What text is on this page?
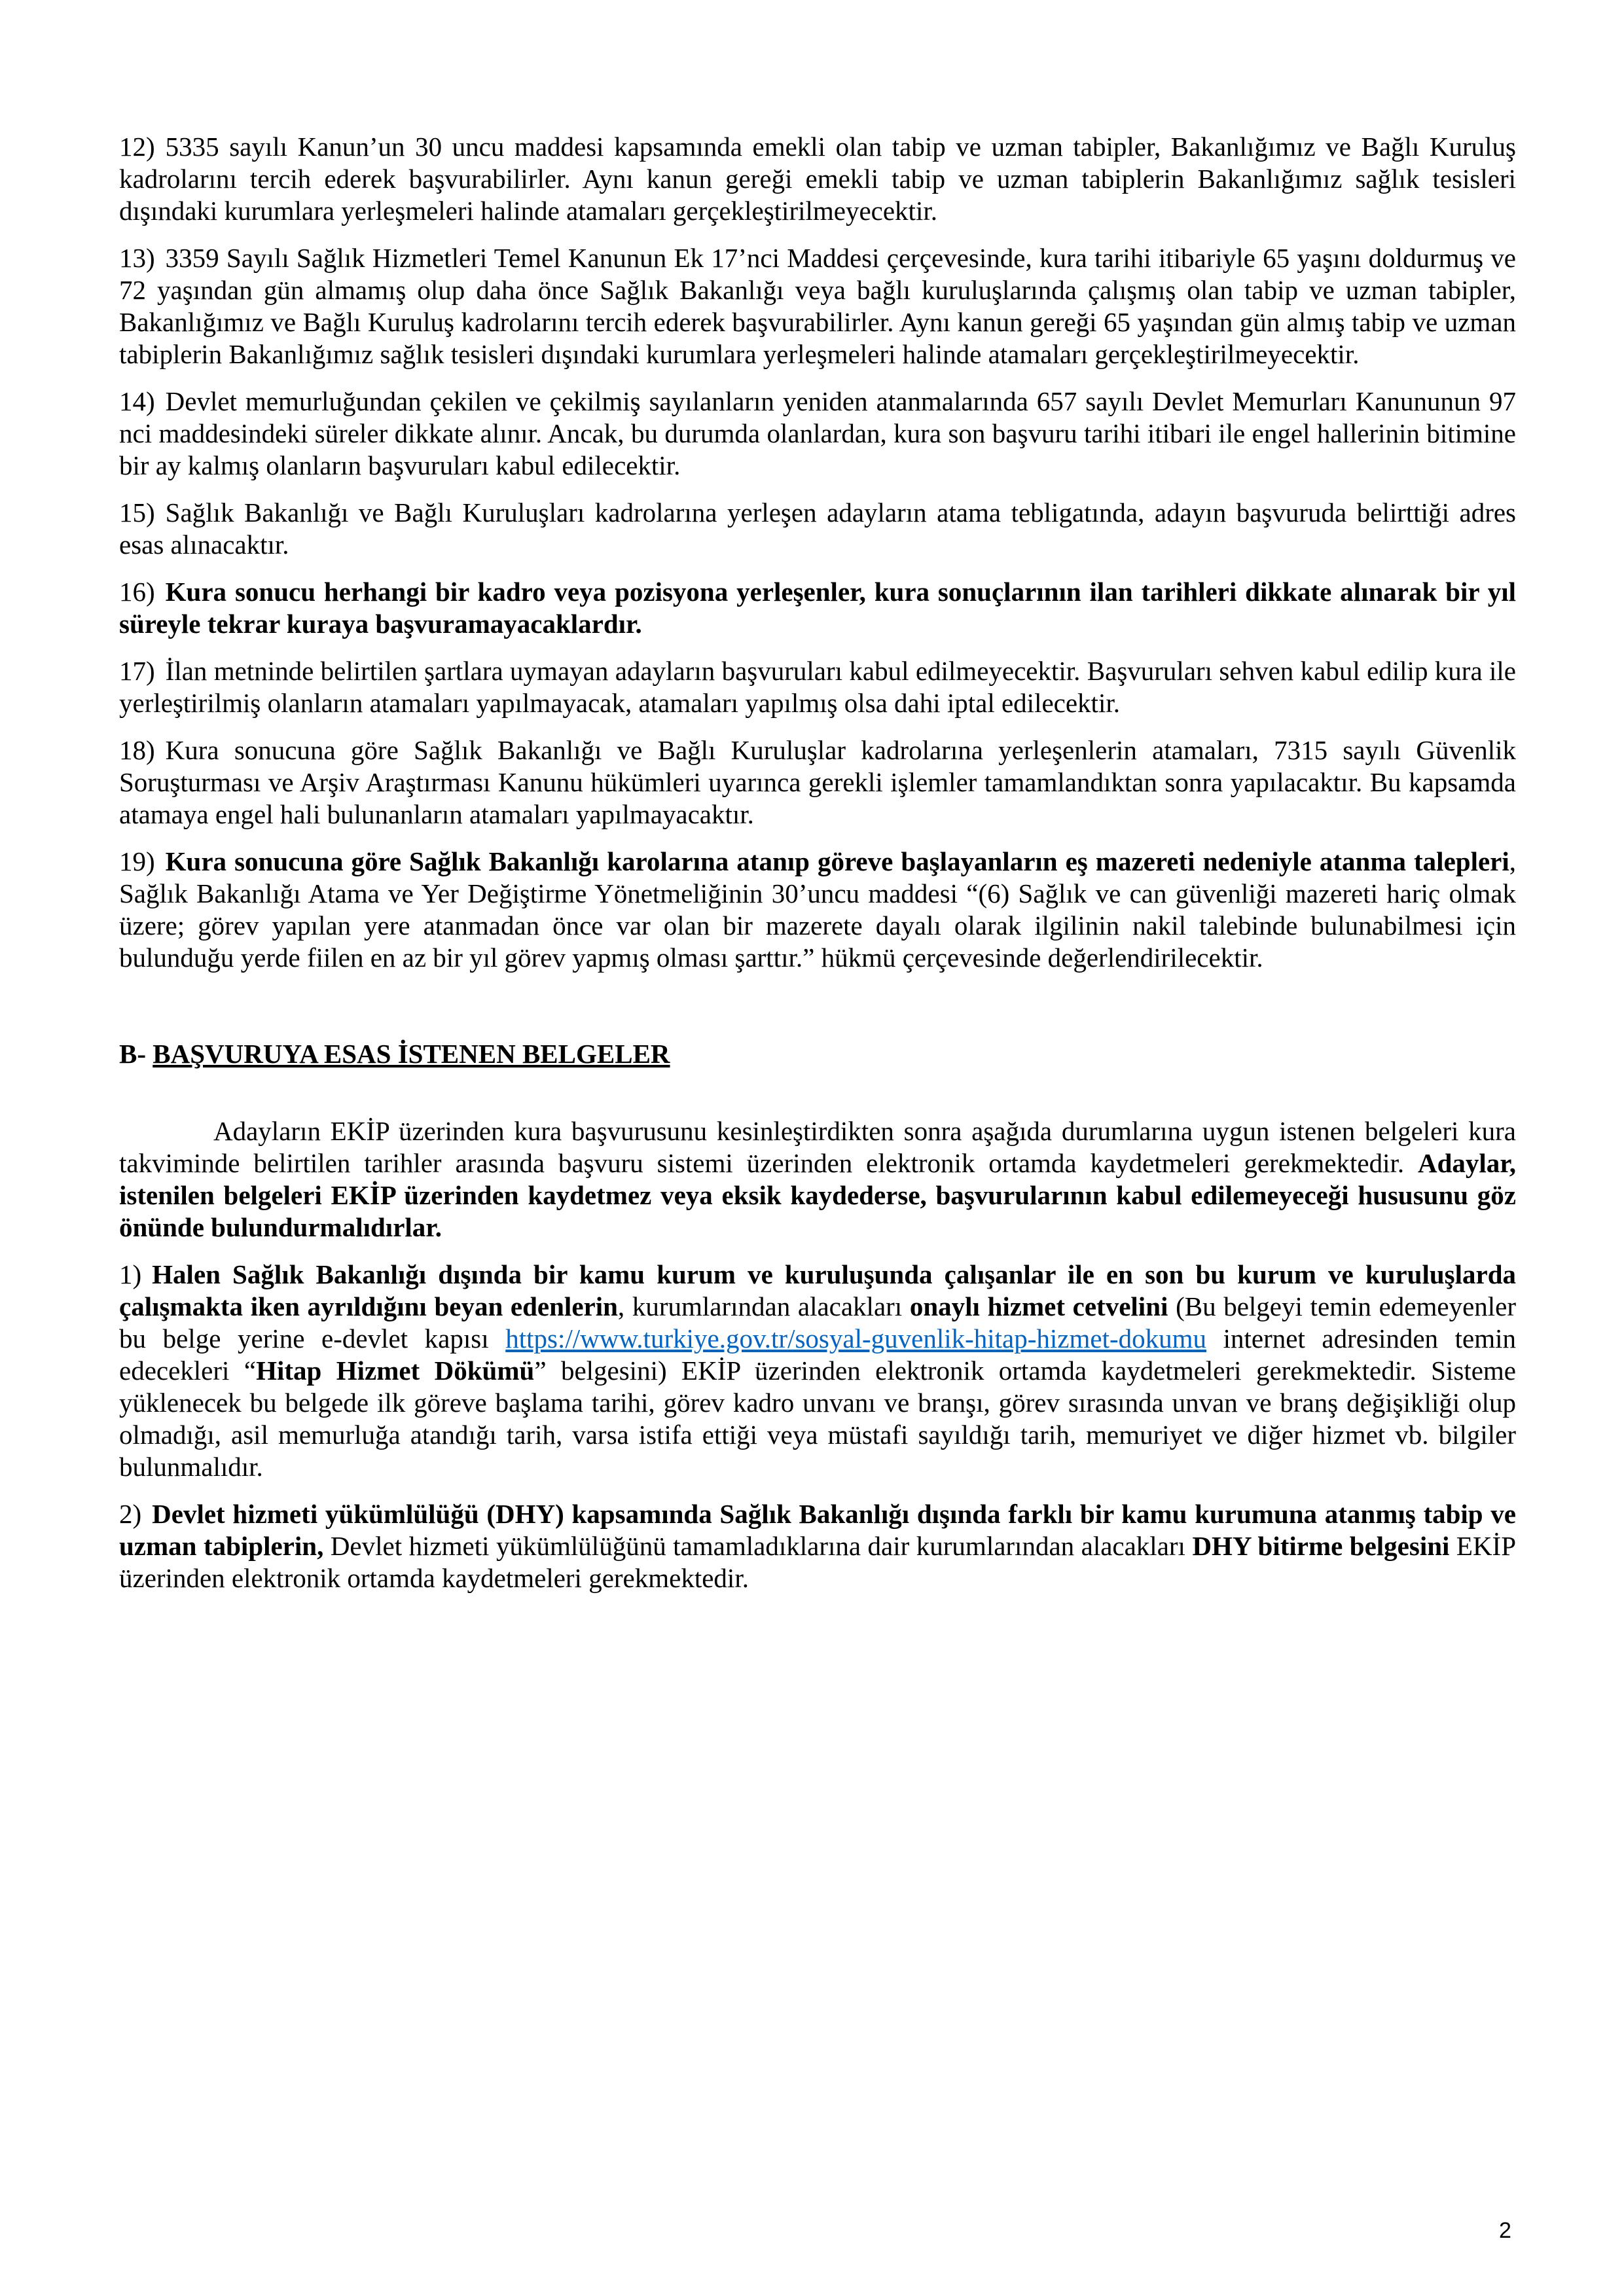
12) 5335 sayılı Kanun’un 30 uncu maddesi kapsamında emekli olan tabip ve uzman tabipler, Bakanlığımız ve Bağlı Kuruluş kadrolarını tercih ederek başvurabilirler. Aynı kanun gereği emekli tabip ve uzman tabiplerin Bakanlığımız sağlık tesisleri dışındaki kurumlara yerleşmeleri halinde atamaları gerçekleştirilmeyecektir.

13) 3359 Sayılı Sağlık Hizmetleri Temel Kanunun Ek 17’nci Maddesi çerçevesinde, kura tarihi itibariyle 65 yaşını doldurmuş ve 72 yaşından gün almamış olup daha önce Sağlık Bakanlığı veya bağlı kuruluşlarında çalışmış olan tabip ve uzman tabipler, Bakanlığımız ve Bağlı Kuruluş kadrolarını tercih ederek başvurabilirler. Aynı kanun gereği 65 yaşından gün almış tabip ve uzman tabiplerin Bakanlığımız sağlık tesisleri dışındaki kurumlara yerleşmeleri halinde atamaları gerçekleştirilmeyecektir.

14) Devlet memurluğundan çekilen ve çekilmiş sayılanların yeniden atanmalarında 657 sayılı Devlet Memurları Kanununun 97 nci maddesindeki süreler dikkate alınır. Ancak, bu durumda olanlardan, kura son başvuru tarihi itibari ile engel hallerinin bitimine bir ay kalmış olanların başvuruları kabul edilecektir.

15) Sağlık Bakanlığı ve Bağlı Kuruluşları kadrolarına yerleşen adayların atama tebligatında, adayın başvuruda belirttiği adres esas alınacaktır.

16) Kura sonucu herhangi bir kadro veya pozisyona yerleşenler, kura sonuçlarının ilan tarihleri dikkate alınarak bir yıl süreyle tekrar kuraya başvuramayacaklardır.

17) İlan metninde belirtilen şartlara uymayan adayların başvuruları kabul edilmeyecektir. Başvuruları sehven kabul edilip kura ile yerleştirilmiş olanların atamaları yapılmayacak, atamaları yapılmış olsa dahi iptal edilecektir.

18) Kura sonucuna göre Sağlık Bakanlığı ve Bağlı Kuruluşlar kadrolarına yerleşenlerin atamaları, 7315 sayılı Güvenlik Soruşturması ve Arşiv Araştırması Kanunu hükümleri uyarınca gerekli işlemler tamamlandıktan sonra yapılacaktır. Bu kapsamda atamaya engel hali bulunanların atamaları yapılmayacaktır.

19) Kura sonucuna göre Sağlık Bakanlığı karolarına atanıp göreve başlayanların eş mazereti nedeniyle atanma talepleri, Sağlık Bakanlığı Atama ve Yer Değiştirme Yönetmeliğinin 30’uncu maddesi “(6) Sağlık ve can güvenliği mazereti hariç olmak üzere; görev yapılan yere atanmadan önce var olan bir mazerete dayalı olarak ilgilinin nakil talebinde bulunabilmesi için bulunduğu yerde fiilen en az bir yıl görev yapmış olması şarttır.” hükmü çerçevesinde değerlendirilecektir.

B- BAŞVURUYA ESAS İSTENEN BELGELER

Adayların EKİP üzerinden kura başvurusunu kesinleştirdikten sonra aşağıda durumlarına uygun istenen belgeleri kura takviminde belirtilen tarihler arasında başvuru sistemi üzerinden elektronik ortamda kaydetmeleri gerekmektedir. Adaylar, istenilen belgeleri EKİP üzerinden kaydetmez veya eksik kaydederse, başvurularının kabul edilemeyeceği hususunu göz önünde bulundurmalıdırlar.

1) Halen Sağlık Bakanlığı dışında bir kamu kurum ve kuruluşunda çalışanlar ile en son bu kurum ve kuruluşlarda çalışmakta iken ayrıldığını beyan edenlerin, kurumlarından alacakları onaylı hizmet cetvelini (Bu belgeyi temin edemeyenler bu belge yerine e-devlet kapısı https://www.turkiye.gov.tr/sosyal-guvenlik-hitap-hizmet-dokumu internet adresinden temin edecekleri “Hitap Hizmet Dökümü” belgesini) EKİP üzerinden elektronik ortamda kaydetmeleri gerekmektedir. Sisteme yüklenecek bu belgede ilk göreve başlama tarihi, görev kadro unvanı ve branşı, görev sırasında unvan ve branş değişikliği olup olmadığı, asil memurluğa atandığı tarih, varsa istifa ettiği veya müstafi sayıldığı tarih, memuriyet ve diğer hizmet vb. bilgiler bulunmalıdır.

2) Devlet hizmeti yükümlülüğü (DHY) kapsamında Sağlık Bakanlığı dışında farklı bir kamu kurumuna atanmış tabip ve uzman tabiplerin, Devlet hizmeti yükümlülüğünü tamamladıklarına dair kurumlarından alacakları DHY bitirme belgesini EKİP üzerinden elektronik ortamda kaydetmeleri gerekmektedir.

2
